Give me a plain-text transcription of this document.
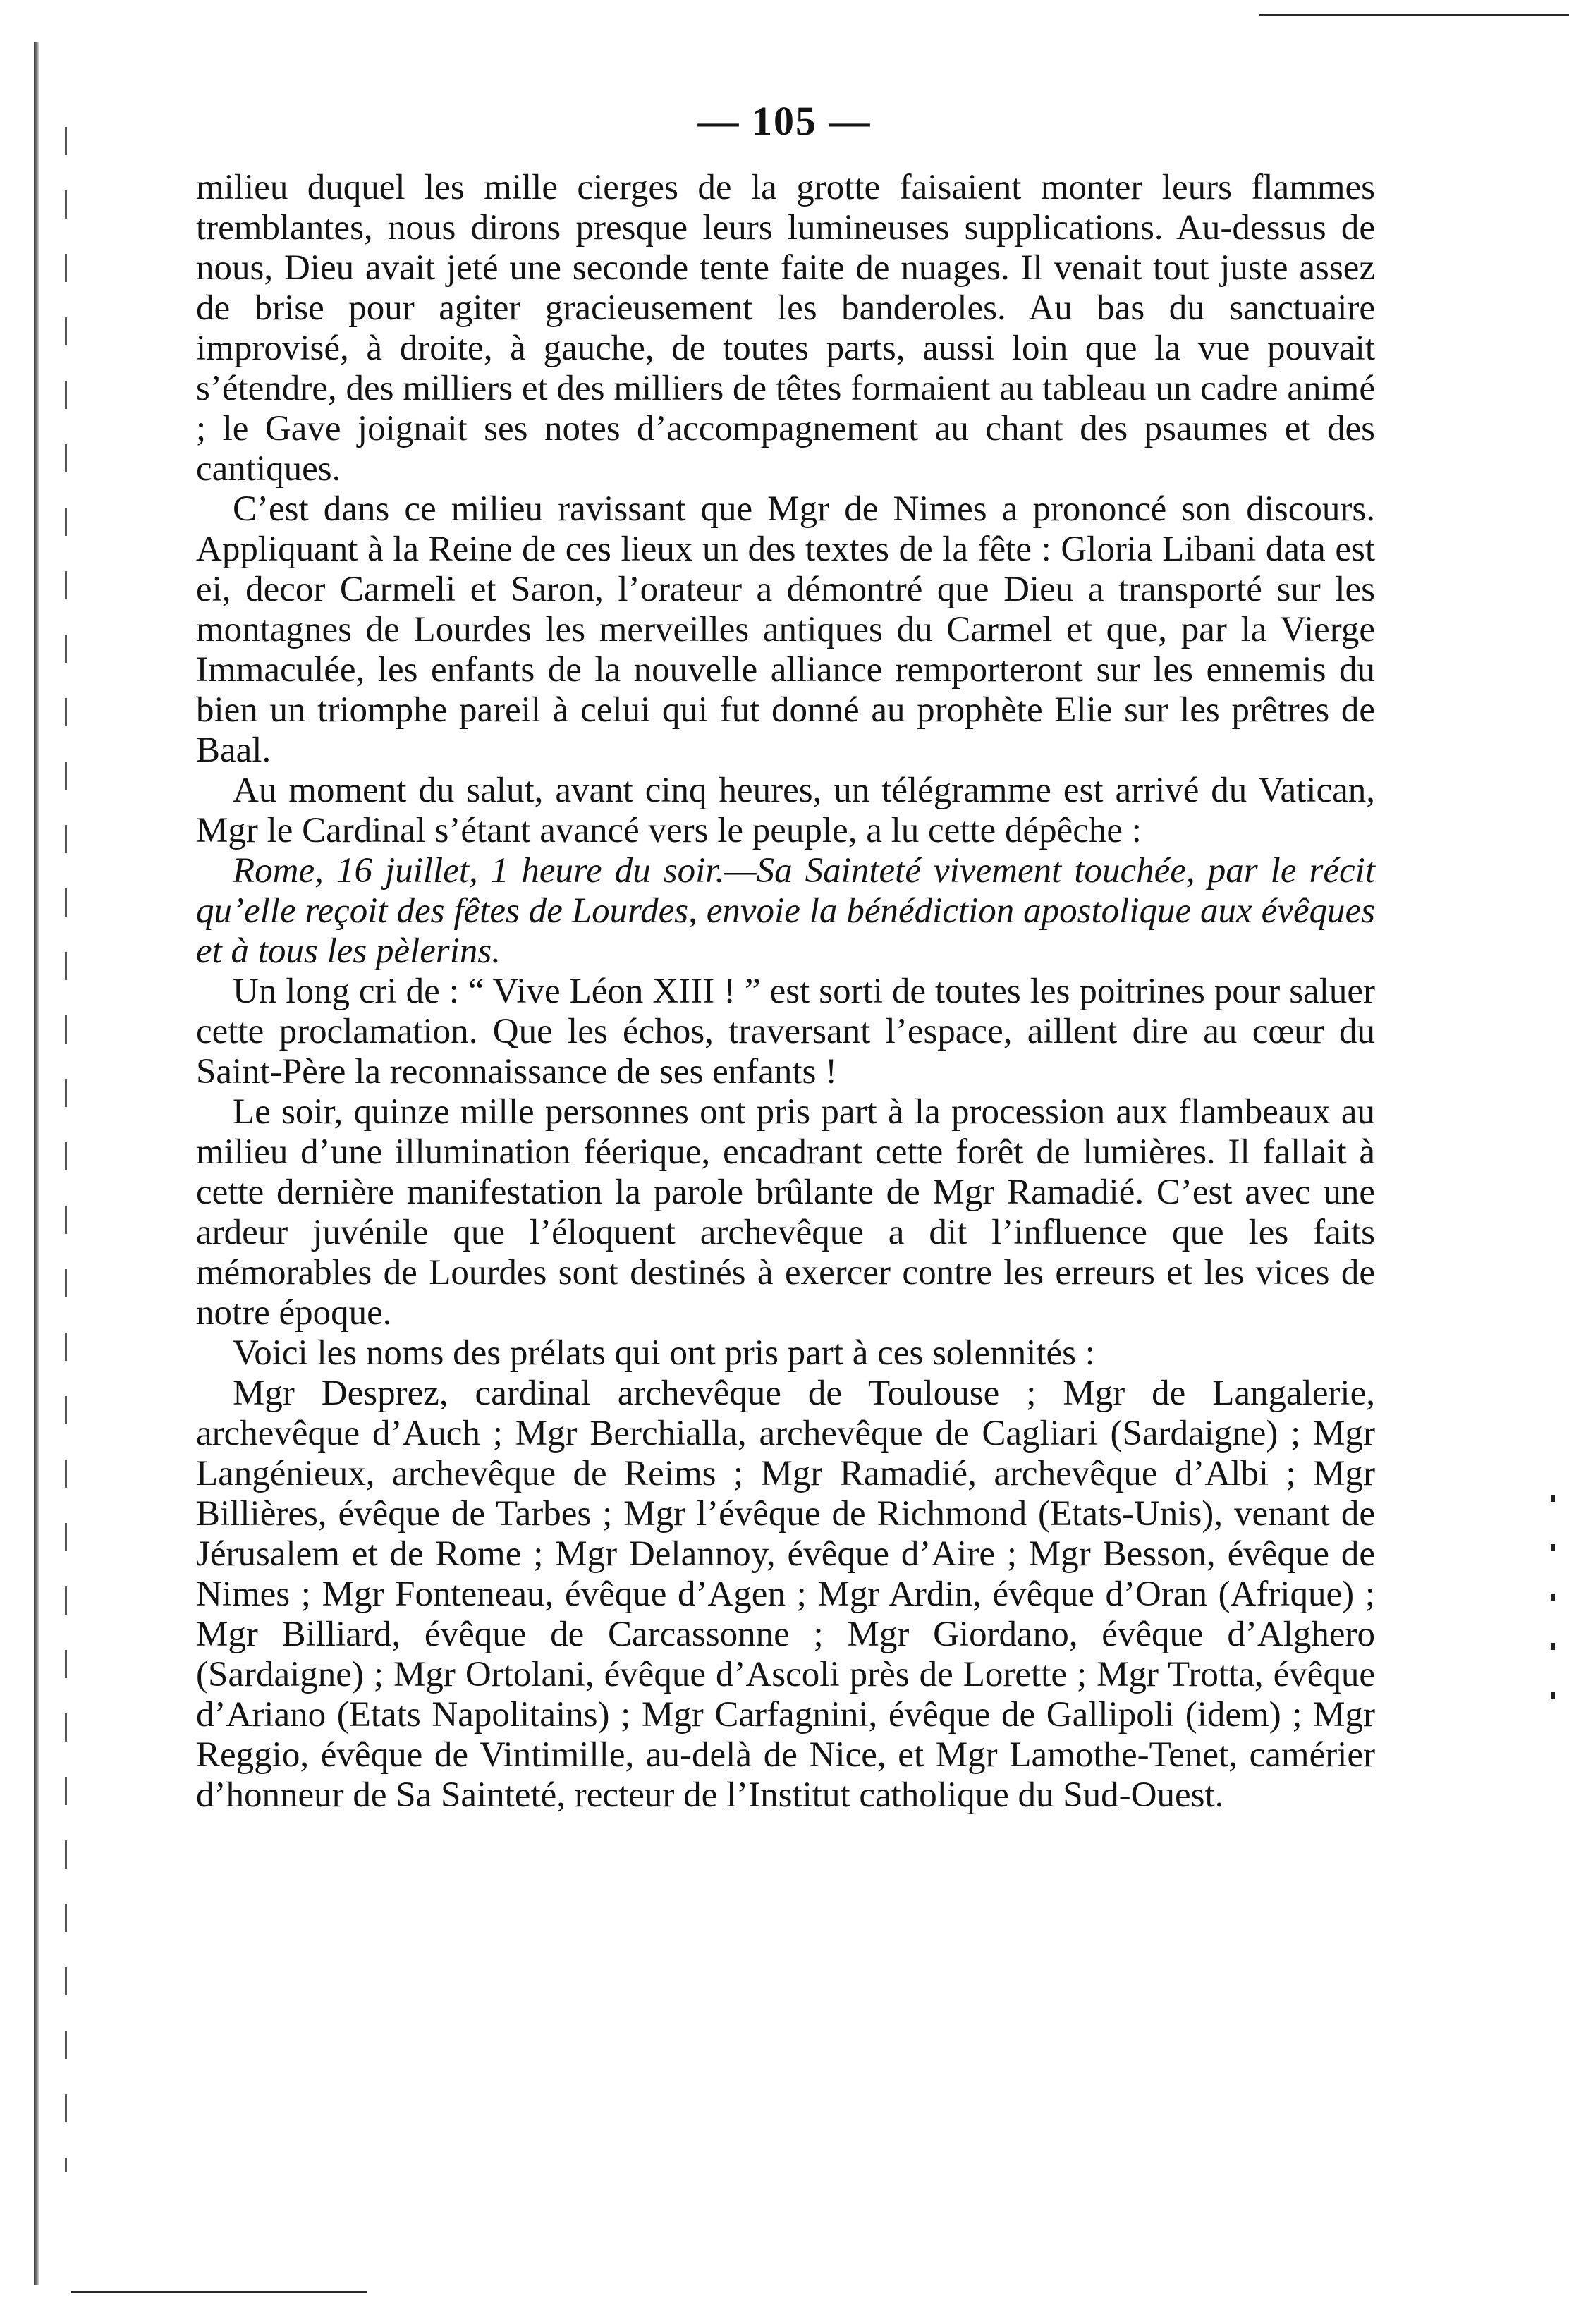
— 105 —

milieu duquel les mille cierges de la grotte faisaient monter leurs flammes tremblantes, nous dirons presque leurs lumineuses supplications. Au-dessus de nous, Dieu avait jeté une seconde tente faite de nuages. Il venait tout juste assez de brise pour agiter gracieusement les banderoles. Au bas du sanctuaire improvisé, à droite, à gauche, de toutes parts, aussi loin que la vue pouvait s’étendre, des milliers et des milliers de têtes formaient au tableau un cadre animé ; le Gave joignait ses notes d’accompagnement au chant des psaumes et des cantiques.

C’est dans ce milieu ravissant que Mgr de Nimes a prononcé son discours. Appliquant à la Reine de ces lieux un des textes de la fête : Gloria Libani data est ei, decor Carmeli et Saron, l’orateur a démontré que Dieu a transporté sur les montagnes de Lourdes les merveilles antiques du Carmel et que, par la Vierge Immaculée, les enfants de la nouvelle alliance remporteront sur les ennemis du bien un triomphe pareil à celui qui fut donné au prophète Elie sur les prêtres de Baal.

Au moment du salut, avant cinq heures, un télégramme est arrivé du Vatican, Mgr le Cardinal s’étant avancé vers le peuple, a lu cette dépêche :

Rome, 16 juillet, 1 heure du soir.—Sa Sainteté vivement touchée, par le récit qu’elle reçoit des fêtes de Lourdes, envoie la bénédiction apostolique aux évêques et à tous les pèlerins.

Un long cri de : “ Vive Léon XIII ! ” est sorti de toutes les poitrines pour saluer cette proclamation. Que les échos, traversant l’espace, aillent dire au cœur du Saint-Père la reconnaissance de ses enfants !

Le soir, quinze mille personnes ont pris part à la procession aux flambeaux au milieu d’une illumination féerique, encadrant cette forêt de lumières. Il fallait à cette dernière manifestation la parole brûlante de Mgr Ramadié. C’est avec une ardeur juvénile que l’éloquent archevêque a dit l’influence que les faits mémorables de Lourdes sont destinés à exercer contre les erreurs et les vices de notre époque.

Voici les noms des prélats qui ont pris part à ces solennités :

Mgr Desprez, cardinal archevêque de Toulouse ; Mgr de Langalerie, archevêque d’Auch ; Mgr Berchialla, archevêque de Cagliari (Sardaigne) ; Mgr Langénieux, archevêque de Reims ; Mgr Ramadié, archevêque d’Albi ; Mgr Billières, évêque de Tarbes ; Mgr l’évêque de Richmond (Etats-Unis), venant de Jérusalem et de Rome ; Mgr Delannoy, évêque d’Aire ; Mgr Besson, évêque de Nimes ; Mgr Fonteneau, évêque d’Agen ; Mgr Ardin, évêque d’Oran (Afrique) ; Mgr Billiard, évêque de Carcassonne ; Mgr Giordano, évêque d’Alghero (Sardaigne) ; Mgr Ortolani, évêque d’Ascoli près de Lorette ; Mgr Trotta, évêque d’Ariano (Etats Napolitains) ; Mgr Carfagnini, évêque de Gallipoli (idem) ; Mgr Reggio, évêque de Vintimille, au-delà de Nice, et Mgr Lamothe-Tenet, camérier d’honneur de Sa Sainteté, recteur de l’Institut catholique du Sud-Ouest.
